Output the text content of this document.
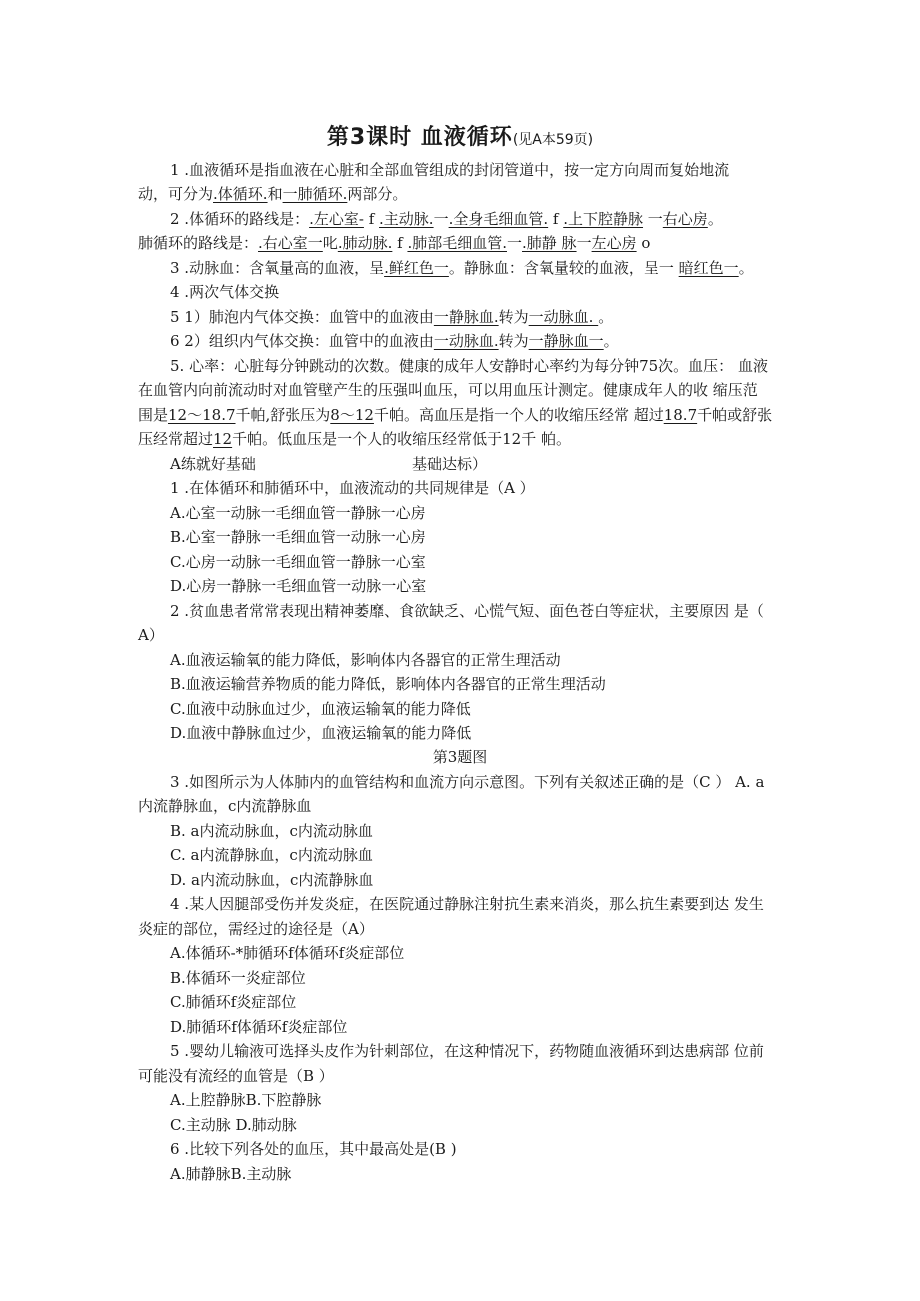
第3课时 血液循环(见A本59页)
1 .血液循环是指血液在心脏和全部血管组成的封闭管道中，按一定方向周而复始地流
动，可分为.体循环.和一肺循环.两部分。
2 .体循环的路线是：.左心室- f .主动脉.一.全身毛细血管. f .上下腔静脉 一右心房。
肺循环的路线是：.右心室一叱.肺动脉. f .肺部毛细血管.一.肺静 脉一左心房 o
3 .动脉血：含氧量高的血液，呈.鲜红色一。静脉血：含氧量较的血液，呈一 暗红色一。
4 .两次气体交换
5 1）肺泡内气体交换：血管中的血液由一静脉血.转为一动脉血. 。
6 2）组织内气体交换：血管中的血液由一动脉血.转为一静脉血一。
5. 心率：心脏每分钟跳动的次数。健康的成年人安静时心率约为每分钟75次。血压： 血液
在血管内向前流动时对血管壁产生的压强叫血压，可以用血压计测定。健康成年人的收 缩压范
围是12〜18.7千帕,舒张压为8〜12千帕。高血压是指一个人的收缩压经常 超过18.7千帕或舒张
压经常超过12千帕。低血压是一个人的收缩压经常低于12千 帕。
A练就好基础	基础达标）
1 .在体循环和肺循环中，血液流动的共同规律是（A ）
A.心室一动脉一毛细血管一静脉一心房
B.心室一静脉一毛细血管一动脉一心房
C.心房一动脉一毛细血管一静脉一心室
D.心房一静脉一毛细血管一动脉一心室
2 .贫血患者常常表现出精神萎靡、食欲缺乏、心慌气短、面色苍白等症状，主要原因 是（
A）
A.血液运输氧的能力降低，影响体内各器官的正常生理活动
B.血液运输营养物质的能力降低，影响体内各器官的正常生理活动
C.血液中动脉血过少，血液运输氧的能力降低
D.血液中静脉血过少，血液运输氧的能力降低
第3题图
3 .如图所示为人体肺内的血管结构和血流方向示意图。下列有关叙述正确的是（C ） A. a
内流静脉血，c内流静脉血
B. a内流动脉血，c内流动脉血
C. a内流静脉血，c内流动脉血
D. a内流动脉血，c内流静脉血
4 .某人因腿部受伤并发炎症，在医院通过静脉注射抗生素来消炎，那么抗生素要到达 发生
炎症的部位，需经过的途径是（A）
A.体循环-*肺循环f体循环f炎症部位
B.体循环一炎症部位
C.肺循环f炎症部位
D.肺循环f体循环f炎症部位
5 .婴幼儿输液可选择头皮作为针刺部位，在这种情况下，药物随血液循环到达患病部 位前
可能没有流经的血管是（B ）
A.上腔静脉B.下腔静脉
C.主动脉 D.肺动脉
6 .比较下列各处的血压，其中最高处是(B )
A.肺静脉B.主动脉
